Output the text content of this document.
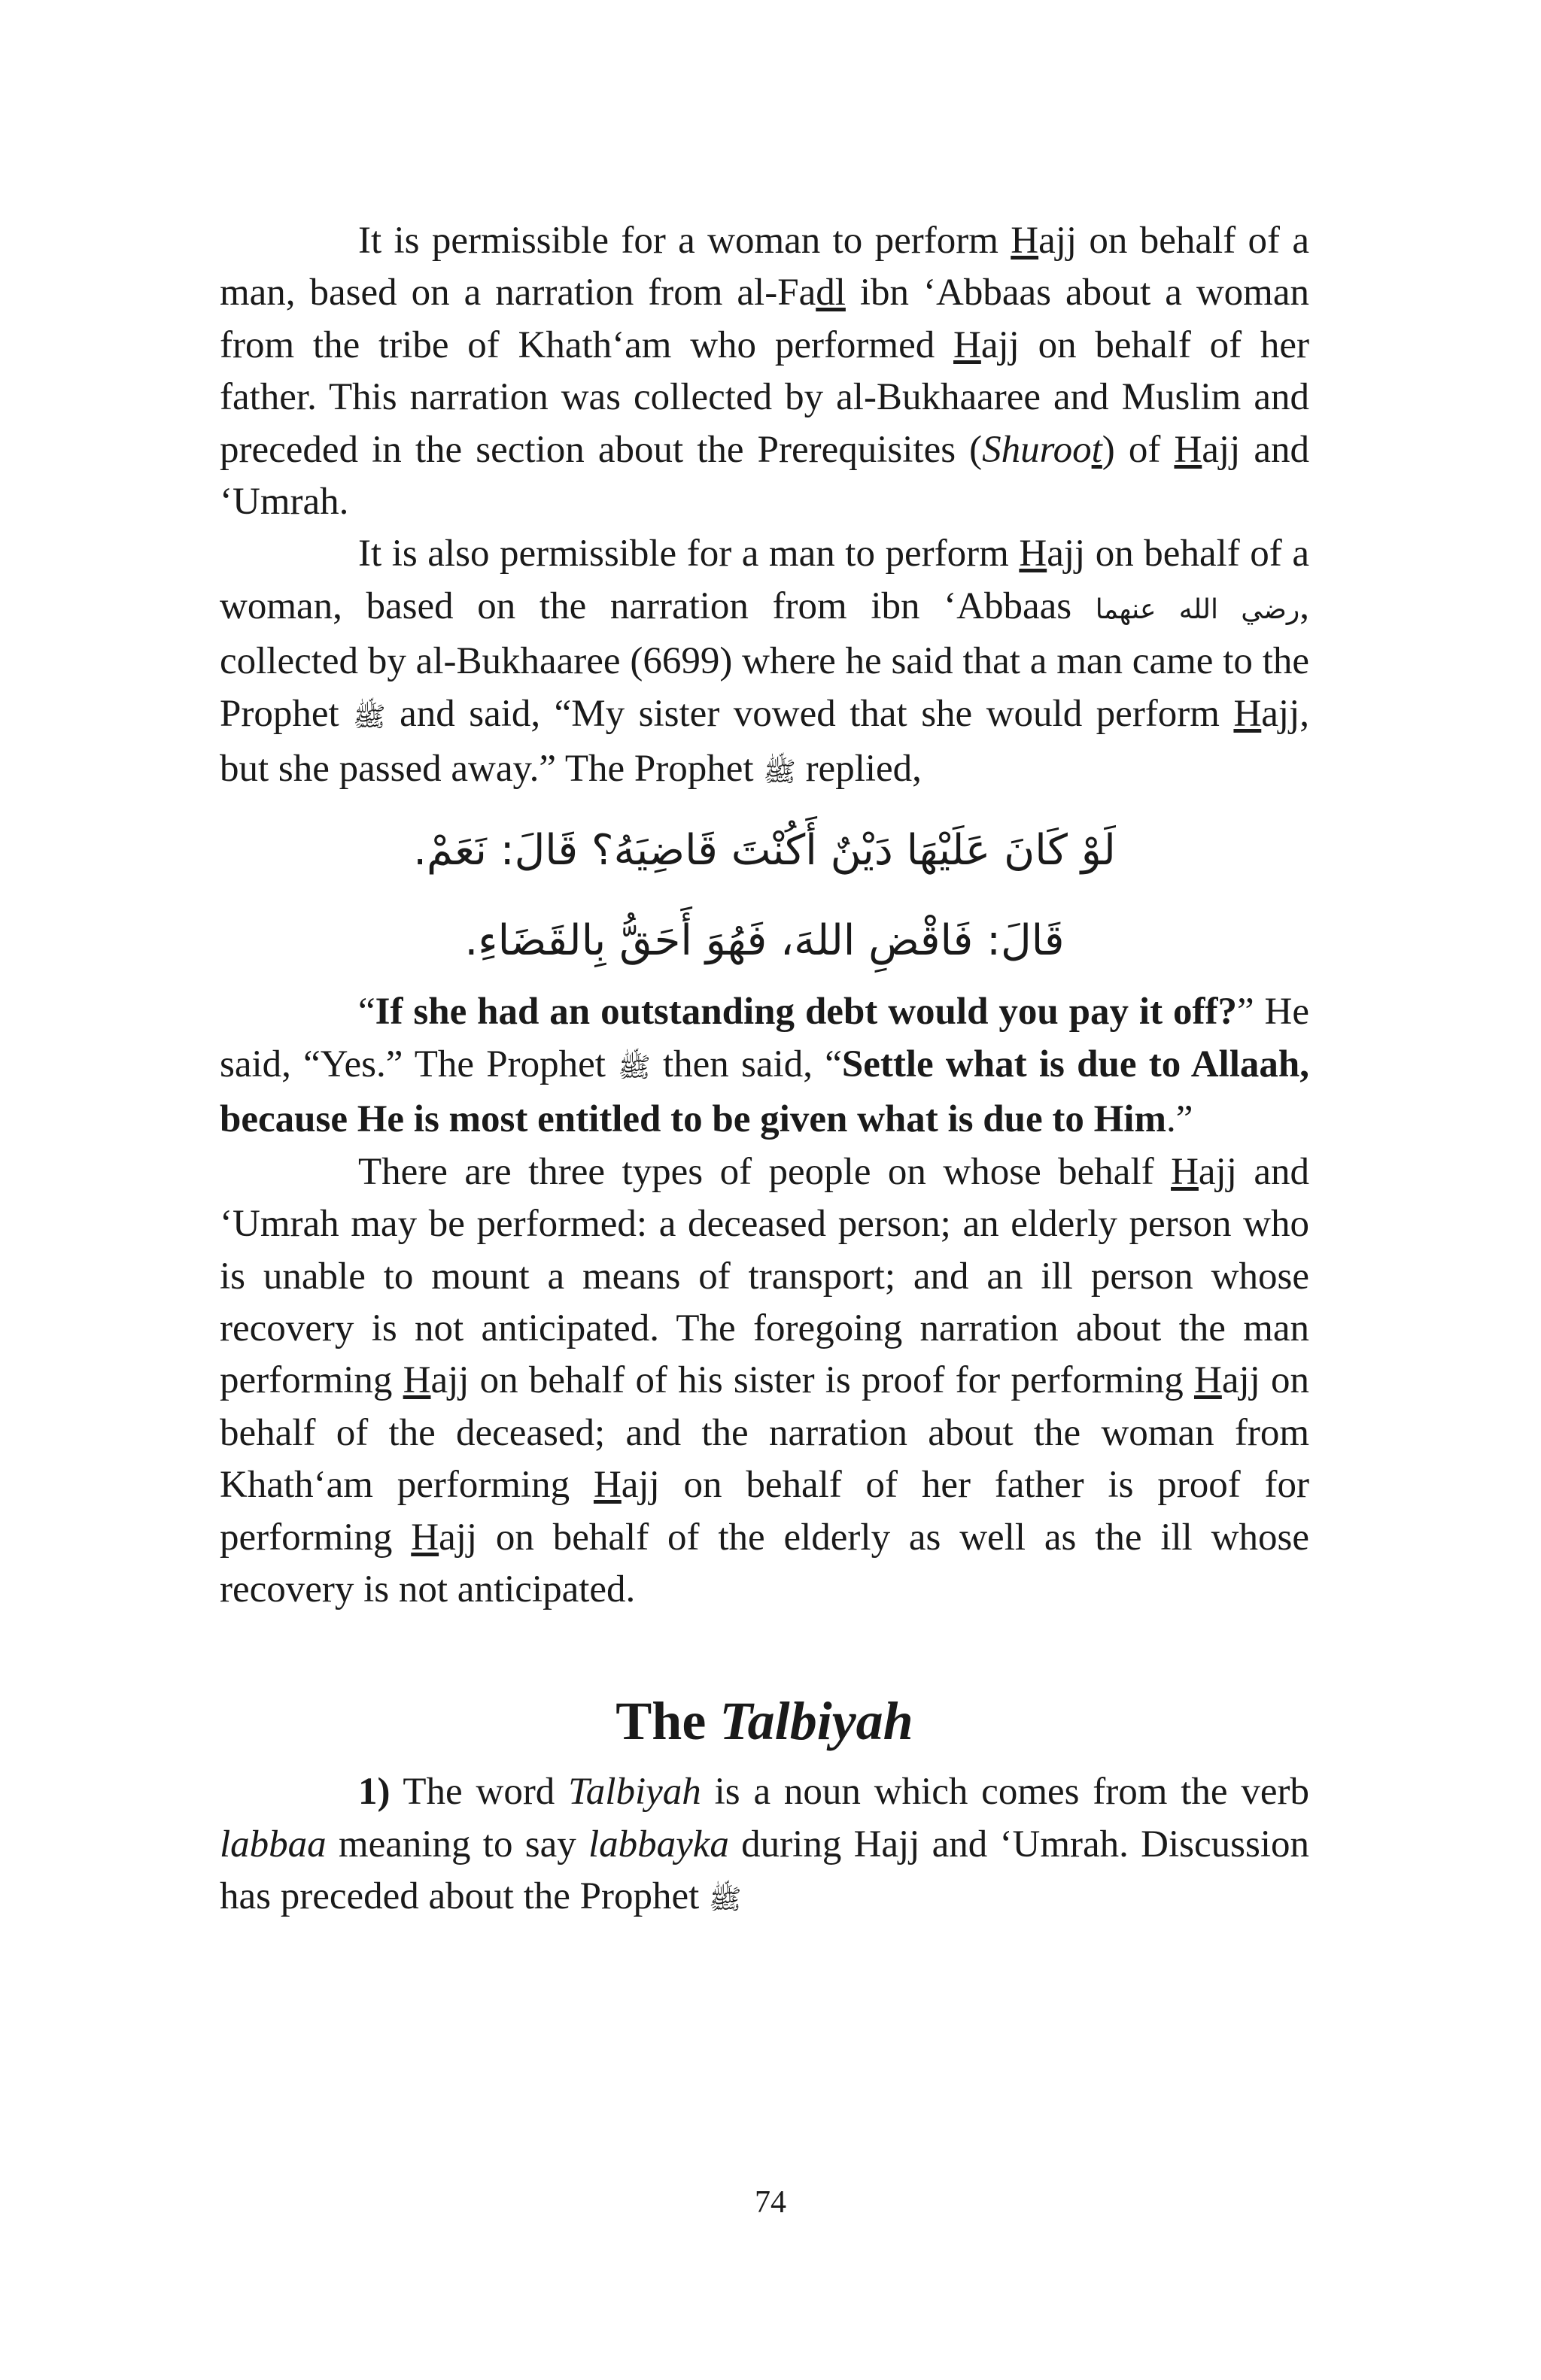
It is permissible for a woman to perform Hajj on behalf of a man, based on a narration from al-Fadl ibn ‘Abbaas about a woman from the tribe of Khath‘am who performed Hajj on behalf of her father. This narration was collected by al-Bukhaaree and Muslim and preceded in the section about the Prerequisites (Shuroot) of Hajj and ‘Umrah.

It is also permissible for a man to perform Hajj on behalf of a woman, based on the narration from ibn ‘Abbaas رضي الله عنهما, collected by al-Bukhaaree (6699) where he said that a man came to the Prophet ﷺ and said, “My sister vowed that she would perform Hajj, but she passed away.” The Prophet ﷺ replied,

لَوْ كَانَ عَلَيْهَا دَيْنٌ أَكُنْتَ قَاضِيَهُ؟ قَالَ: نَعَمْ.

قَالَ: فَاقْضِ اللهَ، فَهُوَ أَحَقُّ بِالقَضَاءِ.

“If she had an outstanding debt would you pay it off?” He said, “Yes.” The Prophet ﷺ then said, “Settle what is due to Allaah, because He is most entitled to be given what is due to Him.”

There are three types of people on whose behalf Hajj and ‘Umrah may be performed: a deceased person; an elderly person who is unable to mount a means of transport; and an ill person whose recovery is not anticipated. The foregoing narration about the man performing Hajj on behalf of his sister is proof for performing Hajj on behalf of the deceased; and the narration about the woman from Khath‘am performing Hajj on behalf of her father is proof for performing Hajj on behalf of the elderly as well as the ill whose recovery is not anticipated.

The Talbiyah

1) The word Talbiyah is a noun which comes from the verb labbaa meaning to say labbayka during Hajj and ‘Umrah. Discussion has preceded about the Prophet ﷺ

74
